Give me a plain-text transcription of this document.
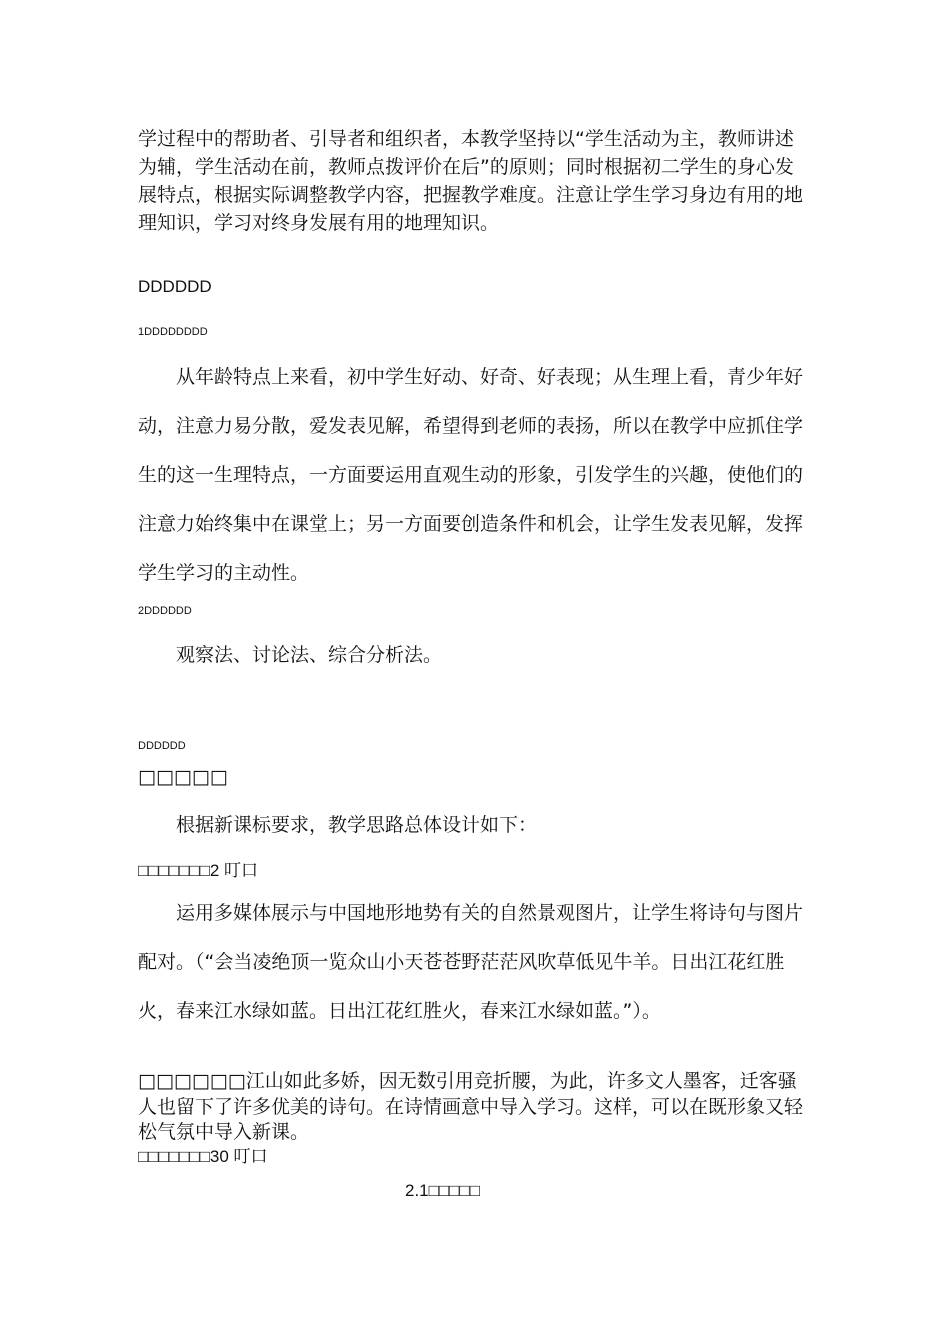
学过程中的帮助者、引导者和组织者，本教学坚持以“学生活动为主，教师讲述
为辅，学生活动在前，教师点拨评价在后”的原则；同时根据初二学生的身心发
展特点，根据实际调整教学内容，把握教学难度。注意让学生学习身边有用的地
理知识，学习对终身发展有用的地理知识。
DDDDDD
1DDDDDDDD
从年龄特点上来看，初中学生好动、好奇、好表现；从生理上看，青少年好
动，注意力易分散，爱发表见解，希望得到老师的表扬，所以在教学中应抓住学
生的这一生理特点，一方面要运用直观生动的形象，引发学生的兴趣，使他们的
注意力始终集中在课堂上；另一方面要创造条件和机会，让学生发表见解，发挥
学生学习的主动性。
2DDDDDD
观察法、讨论法、综合分析法。
DDDDDD
□□□□□
根据新课标要求，教学思路总体设计如下：
□□□□□□□2 叮口
运用多媒体展示与中国地形地势有关的自然景观图片，让学生将诗句与图片
配对。（“会当凌绝顶一览众山小天苍苍野茫茫风吹草低见牛羊。日出江花红胜
火，春来江水绿如蓝。日出江花红胜火，春来江水绿如蓝。”）。
□□□□□□江山如此多娇，因无数引用竞折腰，为此，许多文人墨客，迁客骚
人也留下了许多优美的诗句。在诗情画意中导入学习。这样，可以在既形象又轻
松气氛中导入新课。
□□□□□□□30 叮口
2.1□□□□□
